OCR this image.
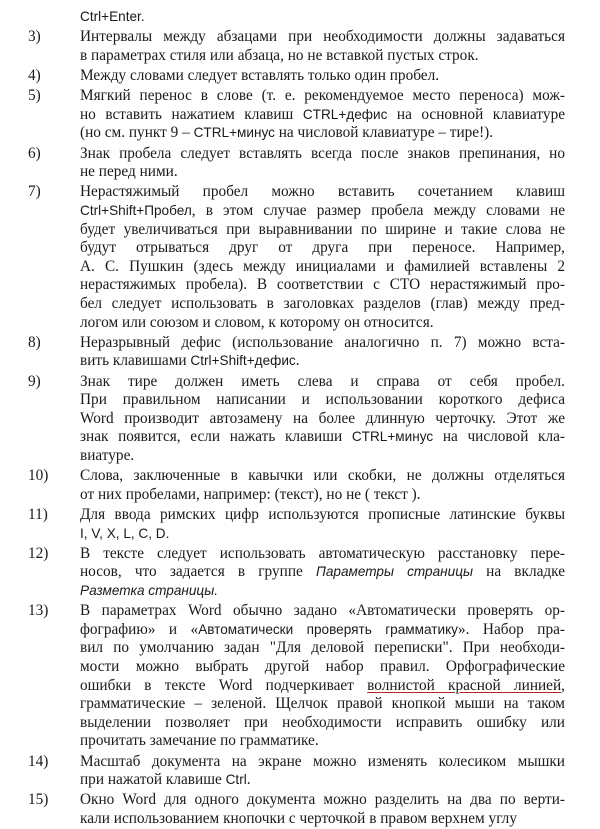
Ctrl+Enter.
3)	Интервалы между абзацами при необходимости должны задаваться
в параметрах стиля или абзаца, но не вставкой пустых строк.
4)	Между словами следует вставлять только один пробел.
5)	Мягкий перенос в слове (т. е. рекомендуемое место переноса) мож-
но вставить нажатием клавиш CTRL+дефис на основной клавиатуре
(но см. пункт 9 – CTRL+минус на числовой клавиатуре – тире!).
6)	Знак пробела следует вставлять всегда после знаков препинания, но
не перед ними.
7)	Нерастяжимый пробел можно вставить сочетанием клавиш
Ctrl+Shift+Пробел, в этом случае размер пробела между словами не
будет увеличиваться при выравнивании по ширине и такие слова не
будут отрываться друг от друга при переносе. Например,
А. С. Пушкин (здесь между инициалами и фамилией вставлены 2
нерастяжимых пробела). В соответствии с СТО нерастяжимый про-
бел следует использовать в заголовках разделов (глав) между пред-
логом или союзом и словом, к которому он относится.
8)	Неразрывный дефис (использование аналогично п. 7) можно вста-
вить клавишами Ctrl+Shift+дефис.
9)	Знак тире должен иметь слева и справа от себя пробел.
При правильном написании и использовании короткого дефиса
Word производит автозамену на более длинную черточку. Этот же
знак появится, если нажать клавиши CTRL+минус на числовой кла-
виатуре.
10)	Слова, заключенные в кавычки или скобки, не должны отделяться
от них пробелами, например: (текст), но не ( текст ).
11)	Для ввода римских цифр используются прописные латинские буквы
I, V, X, L, C, D.
12)	В тексте следует использовать автоматическую расстановку пере-
носов, что задается в группе Параметры страницы на вкладке
Разметка страницы.
13)	В параметрах Word обычно задано «Автоматически проверять ор-
фографию» и «Автоматически проверять грамматику». Набор пра-
вил по умолчанию задан "Для деловой переписки". При необходи-
мости можно выбрать другой набор правил. Орфографические
ошибки в тексте Word подчеркивает волнистой красной линией,
грамматические – зеленой. Щелчок правой кнопкой мыши на таком
выделении позволяет при необходимости исправить ошибку или
прочитать замечание по грамматике.
14)	Масштаб документа на экране можно изменять колесиком мышки
при нажатой клавише Ctrl.
15)	Окно Word для одного документа можно разделить на два по верти-
кали использованием кнопочки с черточкой в правом верхнем углу
